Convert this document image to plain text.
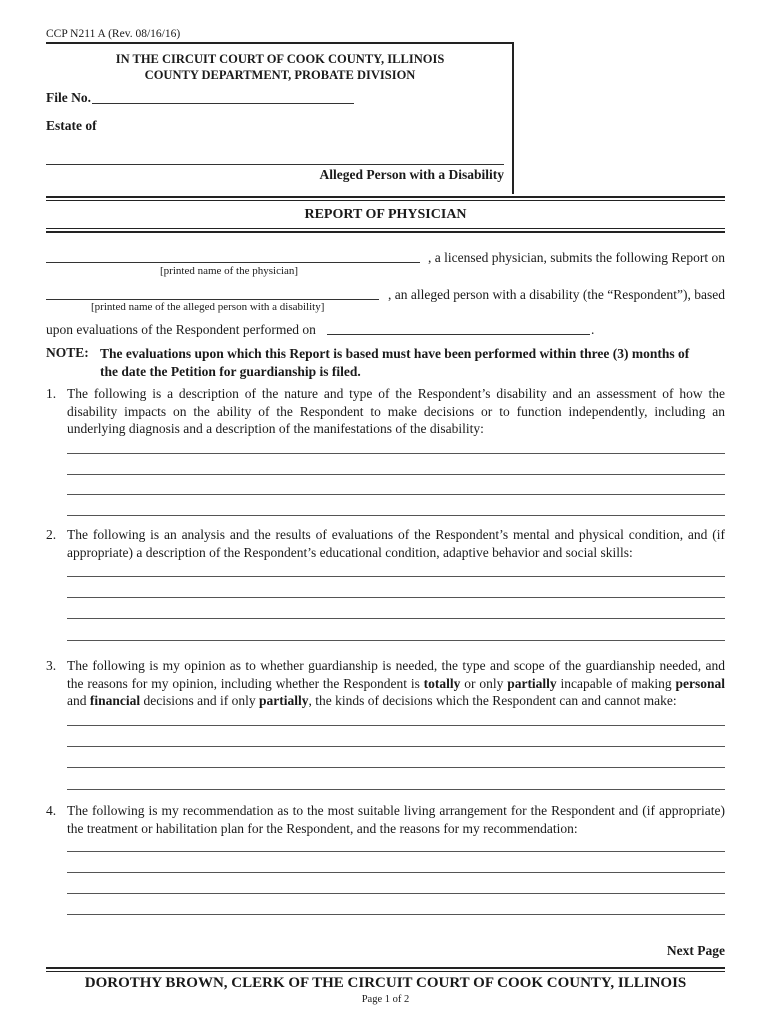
CCP N211 A (Rev. 08/16/16)
IN THE CIRCUIT COURT OF COOK COUNTY, ILLINOIS
COUNTY DEPARTMENT, PROBATE DIVISION
File No.
Estate of
Alleged Person with a Disability
REPORT OF PHYSICIAN
, a licensed physician, submits the following Report on
[printed name of the physician]
, an alleged person with a disability (the “Respondent”), based
[printed name of the alleged person with a disability]
upon evaluations of the Respondent performed on	.
NOTE: The evaluations upon which this Report is based must have been performed within three (3) months of
the date the Petition for guardianship is filed.
1. The following is a description of the nature and type of the Respondent’s disability and an assessment of how the disability impacts on the ability of the Respondent to make decisions or to function independently, including an underlying diagnosis and a description of the manifestations of the disability:
2. The following is an analysis and the results of evaluations of the Respondent’s mental and physical condition, and (if appropriate) a description of the Respondent’s educational condition, adaptive behavior and social skills:
3. The following is my opinion as to whether guardianship is needed, the type and scope of the guardianship needed, and the reasons for my opinion, including whether the Respondent is totally or only partially incapable of making personal and financial decisions and if only partially, the kinds of decisions which the Respondent can and cannot make:
4. The following is my recommendation as to the most suitable living arrangement for the Respondent and (if appropriate) the treatment or habilitation plan for the Respondent, and the reasons for my recommendation:
Next Page
DOROTHY BROWN, CLERK OF THE CIRCUIT COURT OF COOK COUNTY, ILLINOIS
Page 1 of 2
